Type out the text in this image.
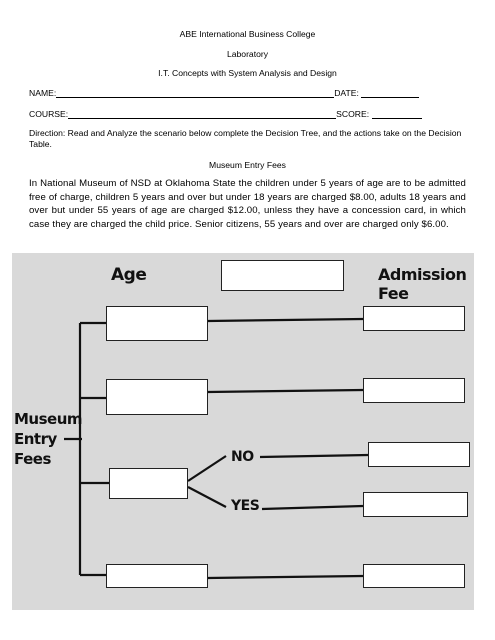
ABE International Business College
Laboratory
I.T. Concepts with System Analysis and Design
NAME:	DATE:
COURSE:	SCORE:
Direction: Read and Analyze the scenario below complete the Decision Tree, and the actions take on the Decision Table.
Museum Entry Fees
In National Museum of NSD at Oklahoma State the children under 5 years of age are to be admitted free of charge, children 5 years and over but under 18 years are charged $8.00, adults 18 years and over but under 55 years of age are charged $12.00, unless they have a concession card, in which case they are charged the child price. Senior citizens, 55 years and over are charged only $6.00.
Age	Admission Fee
Museum
Entry
Fees	NO
YES
